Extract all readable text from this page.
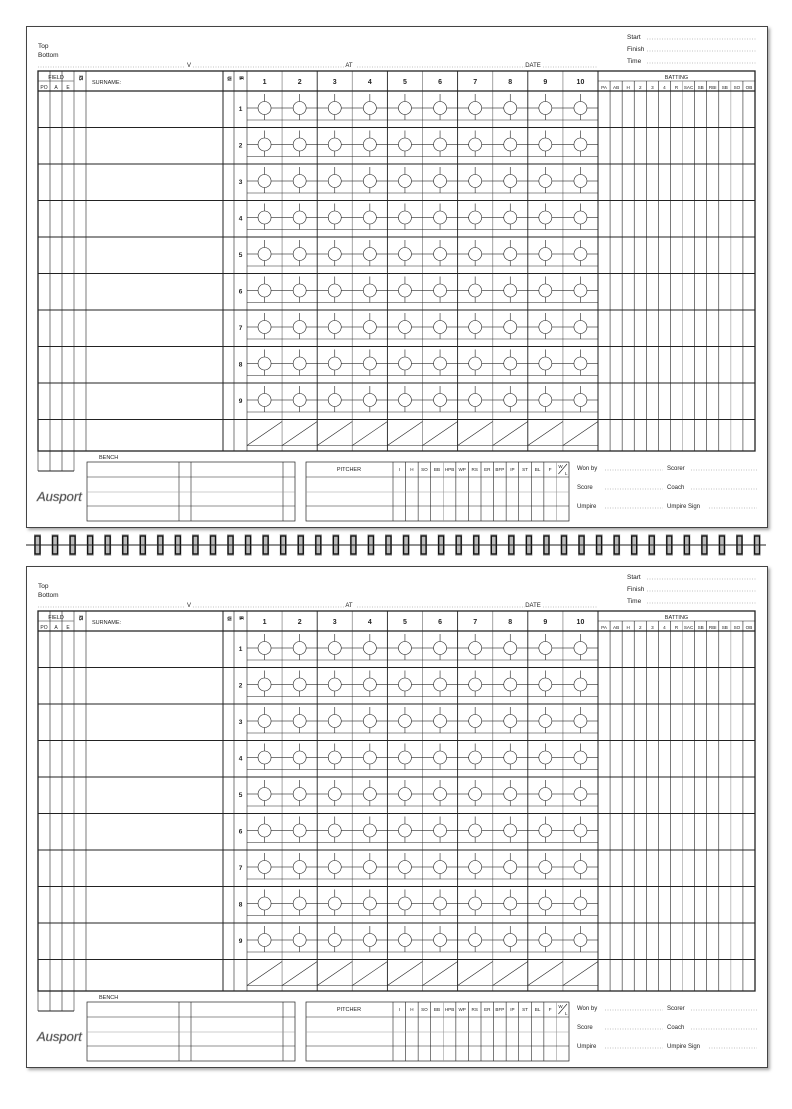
Top
Bottom
V	AT	DATE
Start
Finish
Time
FIELD
PO A E
P O S
SURNAME:
U N I B A T
1	2	3	4	5	6	7	8	9	10
BATTING
PA AB H 2 3 4 R SAC SB RBI SB SO OB
1
2
3
4
5
6
7
8
9
BENCH
PITCHER	I H SO BB HPB WP RS ER BFP IP ST BL F
W
L
Won by	Scorer
Score	Coach
Umpire	Umpire Sign
Ausport
Top
Bottom
V	AT	DATE
Start
Finish
Time
FIELD
PO A E
P O S
SURNAME:
U N I B A T
1	2	3	4	5	6	7	8	9	10
BATTING
PA AB H 2 3 4 R SAC SB RBI SB SO OB
1
2
3
4
5
6
7
8
9
BENCH
PITCHER	I H SO BB HPB WP RS ER BFP IP ST BL F
W
L
Won by	Scorer
Score	Coach
Umpire	Umpire Sign
Ausport
